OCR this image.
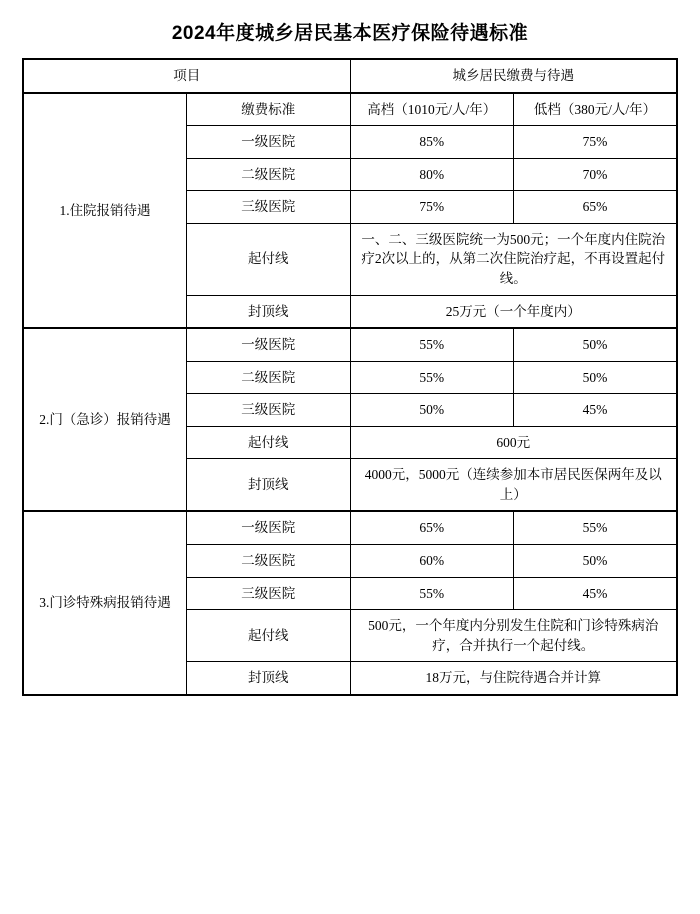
2024年度城乡居民基本医疗保险待遇标准
项目		城乡居民缴费与待遇	
1.住院报销待遇	缴费标准	高档（1010元/人/年）	低档（380元/人/年）
	一级医院	85%	75%
	二级医院	80%	70%
	三级医院	75%	65%
	起付线	一、二、三级医院统一为500元；一个年度内住院治疗2次以上的，从第二次住院治疗起，不再设置起付线。	
	封顶线	25万元（一个年度内）	
2.门（急诊）报销待遇	一级医院	55%	50%
	二级医院	55%	50%
	三级医院	50%	45%
	起付线	600元	
	封顶线	4000元，5000元（连续参加本市居民医保两年及以上）	
3.门诊特殊病报销待遇	一级医院	65%	55%
	二级医院	60%	50%
	三级医院	55%	45%
	起付线	500元，一个年度内分别发生住院和门诊特殊病治疗，合并执行一个起付线。	
	封顶线	18万元，与住院待遇合并计算	
